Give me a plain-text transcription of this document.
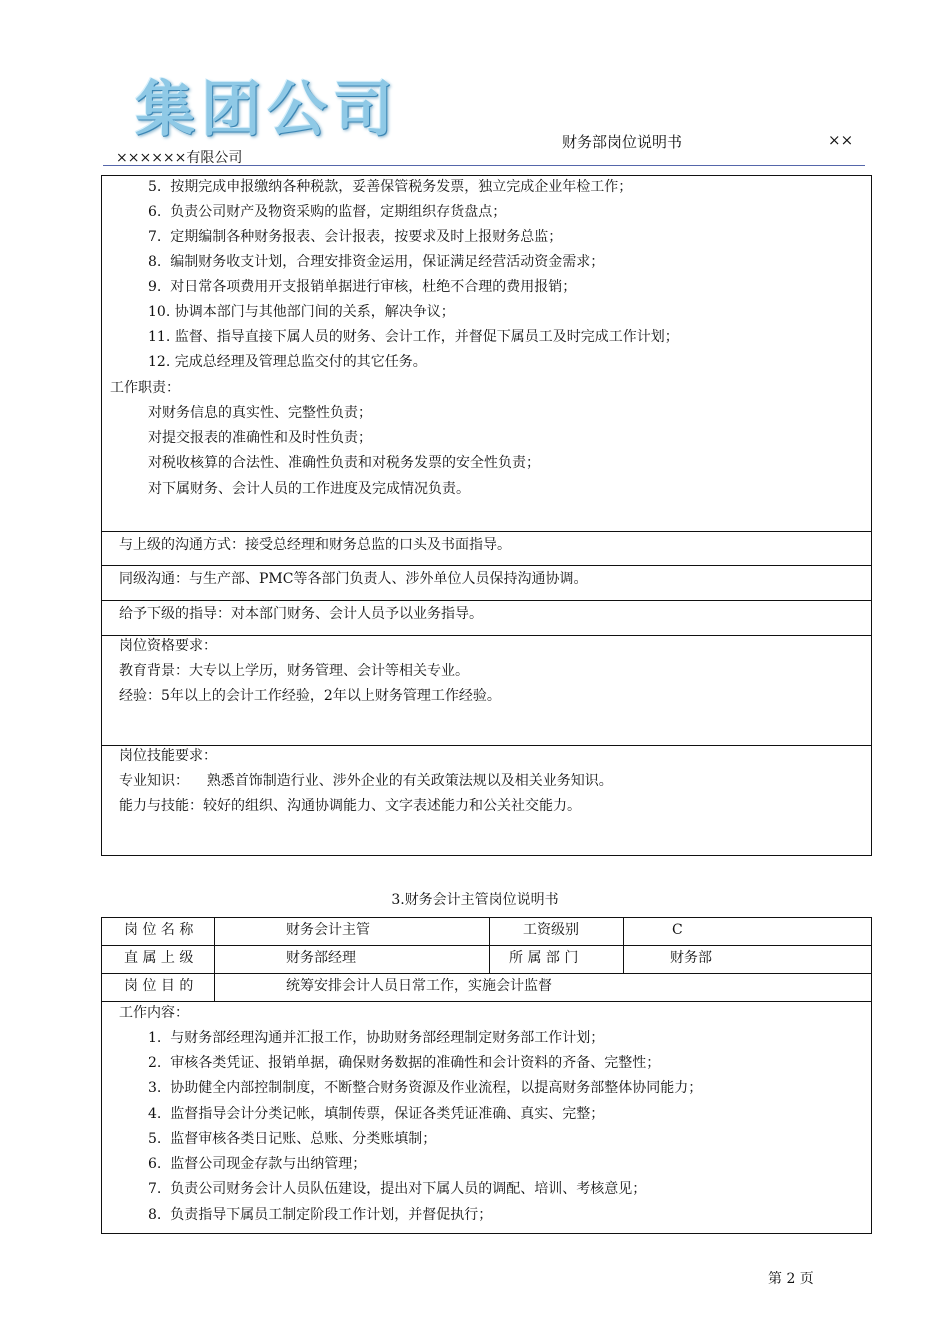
集团公司
××××××有限公司
财务部岗位说明书	××
5. 按期完成申报缴纳各种税款，妥善保管税务发票，独立完成企业年检工作；
6. 负责公司财产及物资采购的监督，定期组织存货盘点；
7. 定期编制各种财务报表、会计报表，按要求及时上报财务总监；
8. 编制财务收支计划，合理安排资金运用，保证满足经营活动资金需求；
9. 对日常各项费用开支报销单据进行审核，杜绝不合理的费用报销；
10. 协调本部门与其他部门间的关系，解决争议；
11. 监督、指导直接下属人员的财务、会计工作，并督促下属员工及时完成工作计划；
12. 完成总经理及管理总监交付的其它任务。
工作职责：
对财务信息的真实性、完整性负责；
对提交报表的准确性和及时性负责；
对税收核算的合法性、准确性负责和对税务发票的安全性负责；
对下属财务、会计人员的工作进度及完成情况负责。
与上级的沟通方式：接受总经理和财务总监的口头及书面指导。
同级沟通：与生产部、PMC等各部门负责人、涉外单位人员保持沟通协调。
给予下级的指导：对本部门财务、会计人员予以业务指导。
岗位资格要求：
教育背景：大专以上学历，财务管理、会计等相关专业。
经验：5年以上的会计工作经验，2年以上财务管理工作经验。
岗位技能要求：
专业知识： 熟悉首饰制造行业、涉外企业的有关政策法规以及相关业务知识。
能力与技能：较好的组织、沟通协调能力、文字表述能力和公关社交能力。
3.财务会计主管岗位说明书
岗 位 名 称	财务会计主管	工资级别	C
直 属 上 级	财务部经理	所 属 部 门	财务部
岗 位 目 的	统筹安排会计人员日常工作，实施会计监督
工作内容：
1. 与财务部经理沟通并汇报工作，协助财务部经理制定财务部工作计划；
2. 审核各类凭证、报销单据，确保财务数据的准确性和会计资料的齐备、完整性；
3. 协助健全内部控制制度，不断整合财务资源及作业流程，以提高财务部整体协同能力；
4. 监督指导会计分类记帐，填制传票，保证各类凭证准确、真实、完整；
5. 监督审核各类日记账、总账、分类账填制；
6. 监督公司现金存款与出纳管理；
7. 负责公司财务会计人员队伍建设，提出对下属人员的调配、培训、考核意见；
8. 负责指导下属员工制定阶段工作计划，并督促执行；
第 2 页
